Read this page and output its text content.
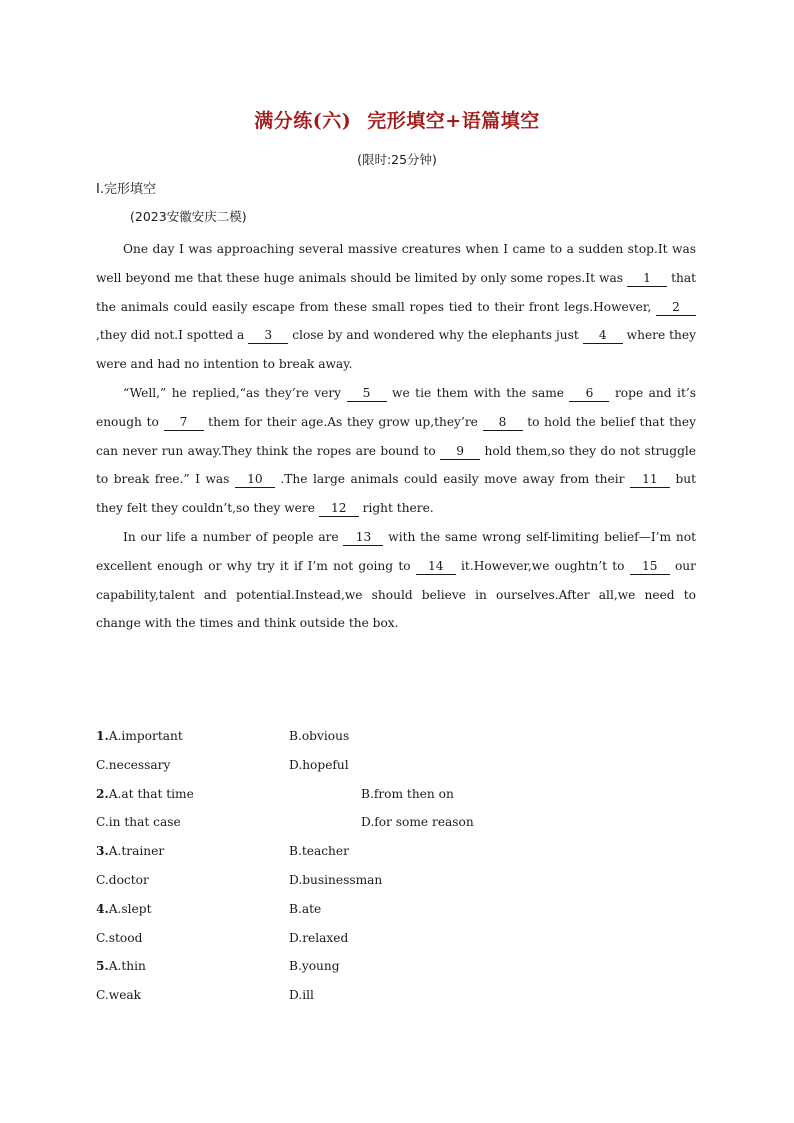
满分练(六) 完形填空+语篇填空
(限时:25分钟)
Ⅰ.完形填空
(2023安徽安庆二模)

One day I was approaching several massive creatures when I came to a sudden stop.It was well beyond me that these huge animals should be limited by only some ropes.It was 1 that the animals could easily escape from these small ropes tied to their front legs.However, 2 ,they did not.I spotted a 3 close by and wondered why the elephants just 4 where they were and had no intention to break away.

“Well,” he replied,“as they’re very 5 we tie them with the same 6 rope and it’s enough to 7 them for their age.As they grow up,they’re 8 to hold the belief that they can never run away.They think the ropes are bound to 9 hold them,so they do not struggle to break free.” I was 10 .The large animals could easily move away from their 11 but they felt they couldn’t,so they were 12 right there.

In our life a number of people are 13 with the same wrong self-limiting belief—I’m not excellent enough or why try it if I’m not going to 14 it.However,we oughtn’t to 15 our capability,talent and potential.Instead,we should believe in ourselves.After all,we need to change with the times and think outside the box.

1.A.important	B.obvious
C.necessary	D.hopeful
2.A.at that time	B.from then on
C.in that case	D.for some reason
3.A.trainer	B.teacher
C.doctor	D.businessman
4.A.slept	B.ate
C.stood	D.relaxed
5.A.thin	B.young
C.weak	D.ill
